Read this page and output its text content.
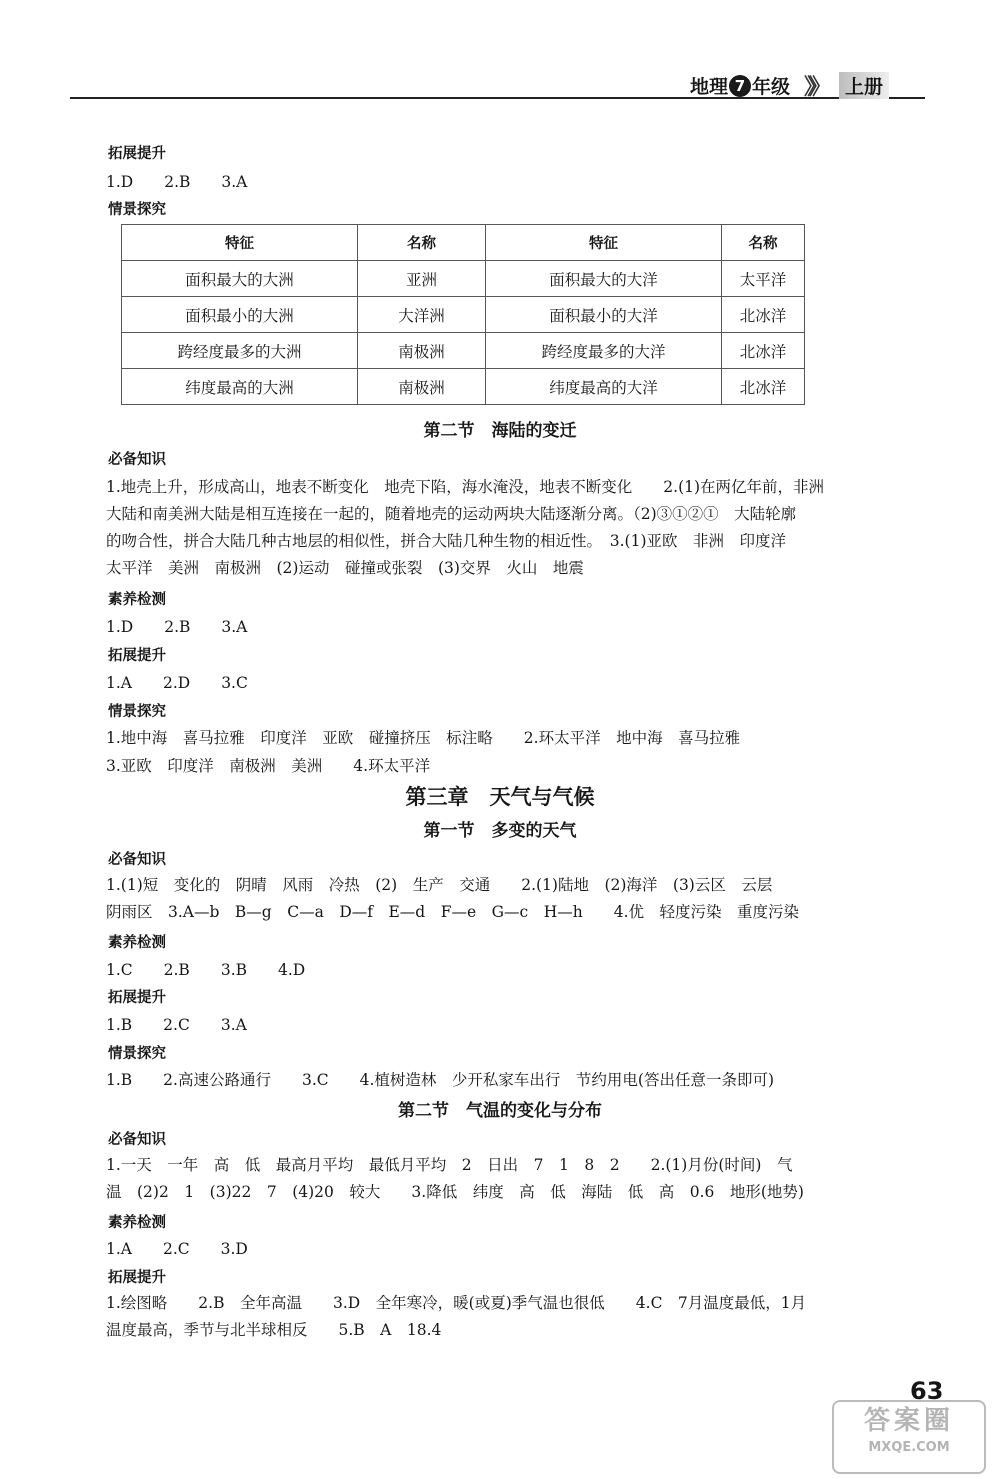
地理 7 年级 》》	上册
拓展提升
1.D　　2.B　　3.A
情景探究
特征	名称	特征	名称
面积最大的大洲	亚洲	面积最大的大洋	太平洋
面积最小的大洲	大洋洲	面积最小的大洋	北冰洋
跨经度最多的大洲	南极洲	跨经度最多的大洋	北冰洋
纬度最高的大洲	南极洲	纬度最高的大洋	北冰洋
第二节　海陆的变迁
必备知识
1.地壳上升，形成高山，地表不断变化　地壳下陷，海水淹没，地表不断变化　　2.(1)在两亿年前，非洲
大陆和南美洲大陆是相互连接在一起的，随着地壳的运动两块大陆逐渐分离。（2)③①②①　大陆轮廓
的吻合性，拼合大陆几种古地层的相似性，拼合大陆几种生物的相近性。　3.(1)亚欧　非洲　印度洋
太平洋　美洲　南极洲　(2)运动　碰撞或张裂　(3)交界　火山　地震
素养检测
1.D　　2.B　　3.A
拓展提升
1.A　　2.D　　3.C
情景探究
1.地中海　喜马拉雅　印度洋　亚欧　碰撞挤压　标注略　　2.环太平洋　地中海　喜马拉雅
3.亚欧　印度洋　南极洲　美洲　　4.环太平洋
第三章　天气与气候
第一节　多变的天气
必备知识
1.(1)短　变化的　阴晴　风雨　冷热　(2)　生产　交通　　2.(1)陆地　(2)海洋　(3)云区　云层
阴雨区　3.A—b　B—g　C—a　D—f　E—d　F—e　G—c　H—h　　4.优　轻度污染　重度污染
素养检测
1.C　　2.B　　3.B　　4.D
拓展提升
1.B　　2.C　　3.A
情景探究
1.B　　2.高速公路通行　　3.C　　4.植树造林　少开私家车出行　节约用电(答出任意一条即可)
第二节　气温的变化与分布
必备知识
1.一天　一年　高　低　最高月平均　最低月平均　2　日出　7　1　8　2　　2.(1)月份(时间)　气
温　(2)2　1　(3)22　7　(4)20　较大　　3.降低　纬度　高　低　海陆　低　高　0.6　地形(地势)
素养检测
1.A　　2.C　　3.D
拓展提升
1.绘图略　　2.B　全年高温　　3.D　全年寒冷，暖(或夏)季气温也很低　　4.C　7月温度最低，1月
温度最高，季节与北半球相反　　5.B　A　18.4
63
答案圈
MXQE.COM
